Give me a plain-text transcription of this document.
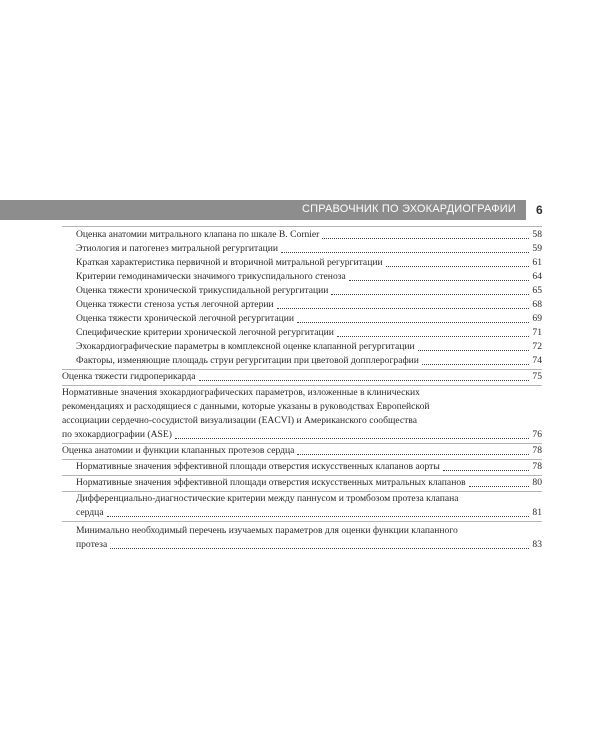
СПРАВОЧНИК ПО ЭХОКАРДИОГРАФИИ 6
Оценка анатомии митрального клапана по шкале В. Cornier	58
Этиология и патогенез митральной регургитации	59
Краткая характеристика первичной и вторичной митральной регургитации	61
Критерии гемодинамически значимого трикуспидального стеноза	64
Оценка тяжести хронической трикуспидальной регургитации	65
Оценка тяжести стеноза устья легочной артерии	68
Оценка тяжести хронической легочной регургитации	69
Специфические критерии хронической легочной регургитации	71
Эхокардиографические параметры в комплексной оценке клапанной регургитации	72
Факторы, изменяющие площадь струи регургитации при цветовой допплерографии	74
Оценка тяжести гидроперикарда	75
Нормативные значения эхокардиографических параметров, изложенные в клинических
рекомендациях и расходящиеся с данными, которые указаны в руководствах Европейской
ассоциации сердечно-сосудистой визуализации (EACVI) и Американского сообщества
по эхокардиографии (ASE)	76
Оценка анатомии и функции клапанных протезов сердца	78
Нормативные значения эффективной площади отверстия искусственных клапанов аорты	78
Нормативные значения эффективной площади отверстия искусственных митральных клапанов	80
Дифференциально-диагностические критерии между паннусом и тромбозом протеза клапана
сердца	81
Минимально необходимый перечень изучаемых параметров для оценки функции клапанного
протеза	83
